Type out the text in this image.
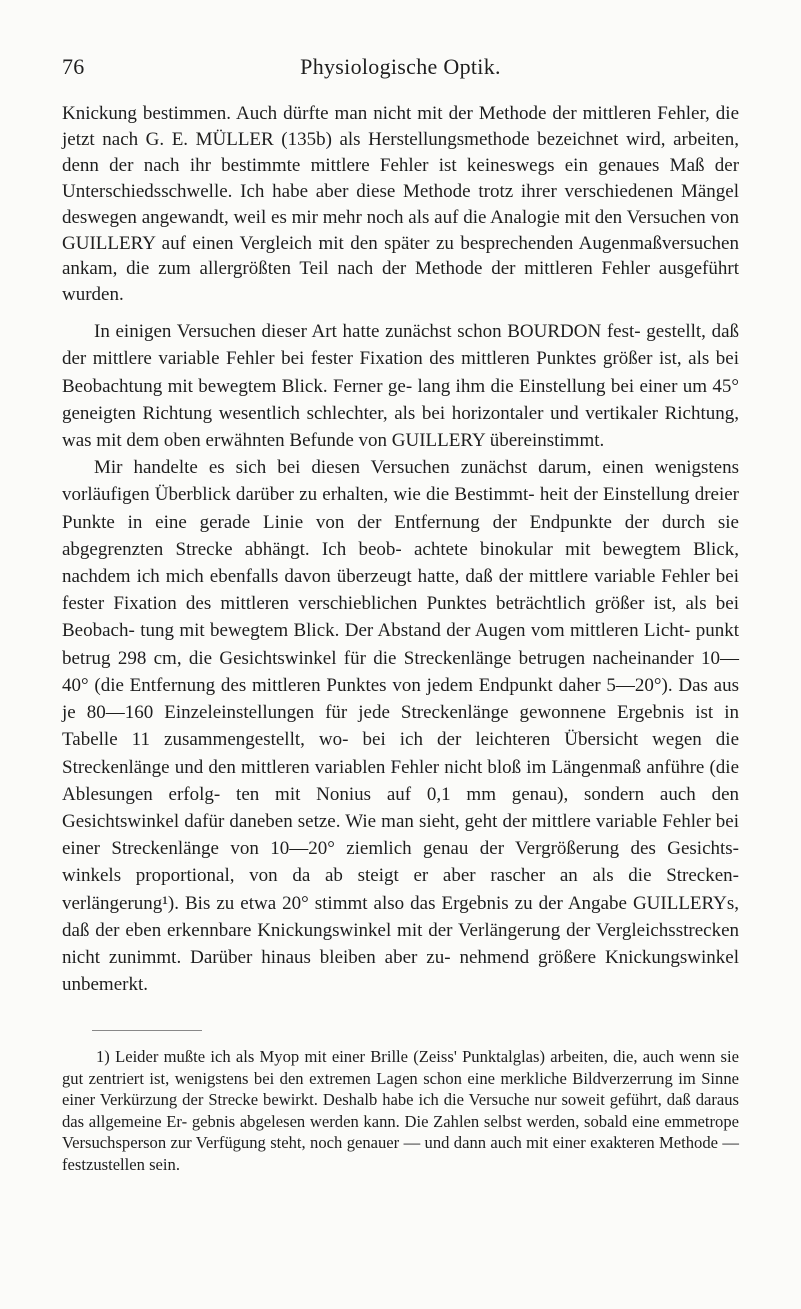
76	Physiologische Optik.

Knickung bestimmen. Auch dürfte man nicht mit der Methode der mittleren Fehler, die jetzt nach G. E. MÜLLER (135b) als Herstellungsmethode bezeichnet wird, arbeiten, denn der nach ihr bestimmte mittlere Fehler ist keineswegs ein genaues Maß der Unterschiedsschwelle. Ich habe aber diese Methode trotz ihrer verschiedenen Mängel deswegen angewandt, weil es mir mehr noch als auf die Analogie mit den Versuchen von GUILLERY auf einen Vergleich mit den später zu besprechenden Augenmaßversuchen ankam, die zum allergrößten Teil nach der Methode der mittleren Fehler ausgeführt wurden.

In einigen Versuchen dieser Art hatte zunächst schon BOURDON fest- gestellt, daß der mittlere variable Fehler bei fester Fixation des mittleren Punktes größer ist, als bei Beobachtung mit bewegtem Blick. Ferner ge- lang ihm die Einstellung bei einer um 45° geneigten Richtung wesentlich schlechter, als bei horizontaler und vertikaler Richtung, was mit dem oben erwähnten Befunde von GUILLERY übereinstimmt.

Mir handelte es sich bei diesen Versuchen zunächst darum, einen wenigstens vorläufigen Überblick darüber zu erhalten, wie die Bestimmt- heit der Einstellung dreier Punkte in eine gerade Linie von der Entfernung der Endpunkte der durch sie abgegrenzten Strecke abhängt. Ich beob- achtete binokular mit bewegtem Blick, nachdem ich mich ebenfalls davon überzeugt hatte, daß der mittlere variable Fehler bei fester Fixation des mittleren verschieblichen Punktes beträchtlich größer ist, als bei Beobach- tung mit bewegtem Blick. Der Abstand der Augen vom mittleren Licht- punkt betrug 298 cm, die Gesichtswinkel für die Streckenlänge betrugen nacheinander 10—40° (die Entfernung des mittleren Punktes von jedem Endpunkt daher 5—20°). Das aus je 80—160 Einzeleinstellungen für jede Streckenlänge gewonnene Ergebnis ist in Tabelle 11 zusammengestellt, wo- bei ich der leichteren Übersicht wegen die Streckenlänge und den mittleren variablen Fehler nicht bloß im Längenmaß anführe (die Ablesungen erfolg- ten mit Nonius auf 0,1 mm genau), sondern auch den Gesichtswinkel dafür daneben setze. Wie man sieht, geht der mittlere variable Fehler bei einer Streckenlänge von 10—20° ziemlich genau der Vergrößerung des Gesichts- winkels proportional, von da ab steigt er aber rascher an als die Strecken- verlängerung¹). Bis zu etwa 20° stimmt also das Ergebnis zu der Angabe GUILLERYs, daß der eben erkennbare Knickungswinkel mit der Verlängerung der Vergleichsstrecken nicht zunimmt. Darüber hinaus bleiben aber zu- nehmend größere Knickungswinkel unbemerkt.

1) Leider mußte ich als Myop mit einer Brille (Zeiss' Punktalglas) arbeiten, die, auch wenn sie gut zentriert ist, wenigstens bei den extremen Lagen schon eine merkliche Bildverzerrung im Sinne einer Verkürzung der Strecke bewirkt. Deshalb habe ich die Versuche nur soweit geführt, daß daraus das allgemeine Er- gebnis abgelesen werden kann. Die Zahlen selbst werden, sobald eine emmetrope Versuchsperson zur Verfügung steht, noch genauer — und dann auch mit einer exakteren Methode — festzustellen sein.
